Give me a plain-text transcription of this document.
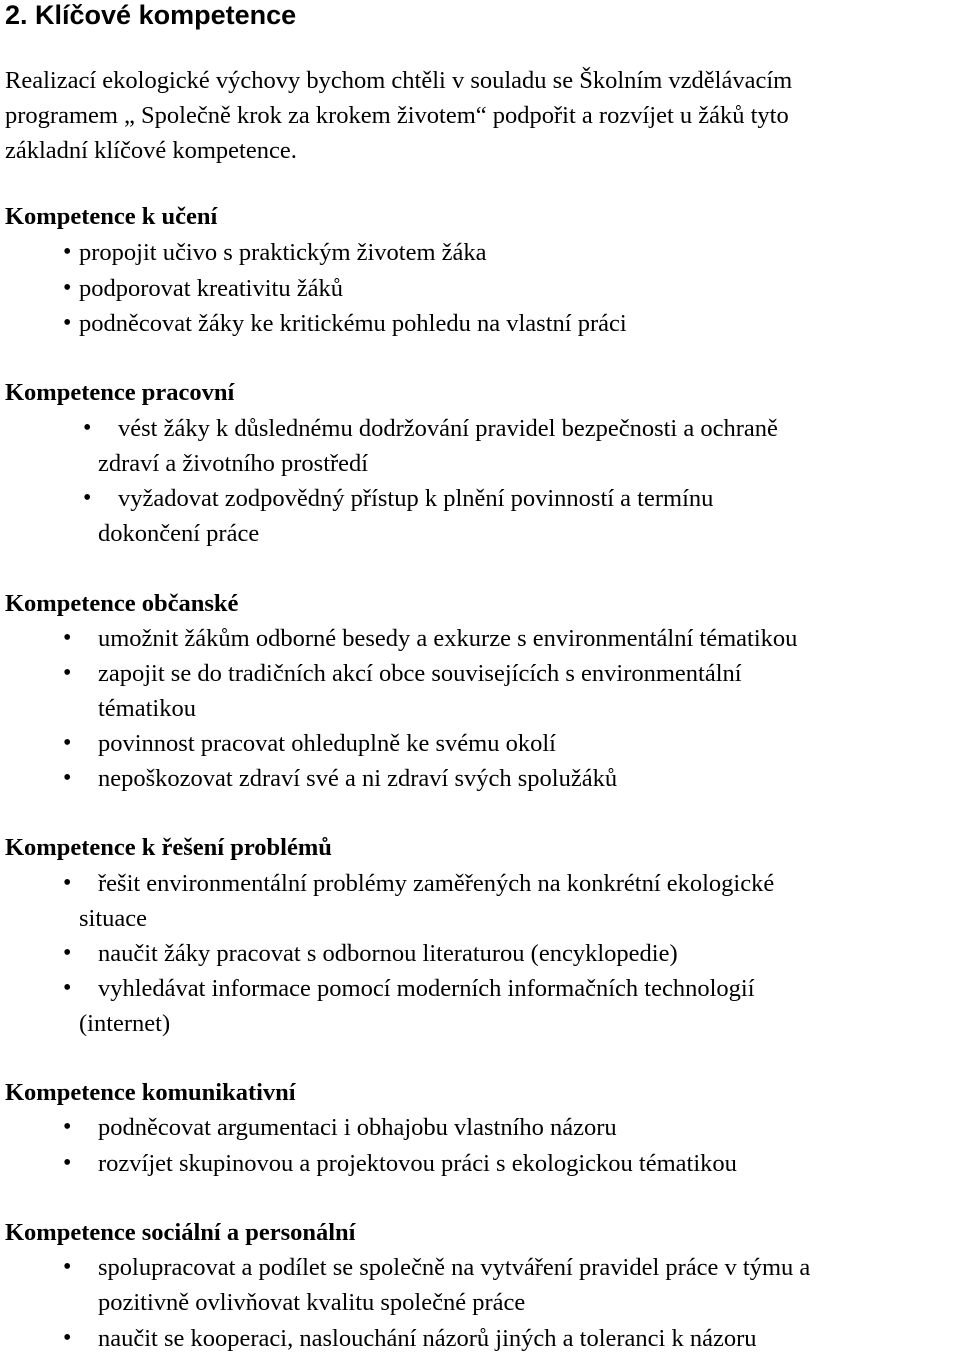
2. Klíčové kompetence

Realizací ekologické výchovy bychom chtěli v souladu se Školním vzdělávacím
programem „ Společně krok za krokem životem“ podpořit a rozvíjet u žáků tyto
základní klíčové kompetence.

Kompetence k učení
• propojit učivo s praktickým životem žáka
• podporovat kreativitu žáků
• podněcovat žáky ke kritickému pohledu na vlastní práci
Kompetence pracovní
• vést žáky k důslednému dodržování pravidel bezpečnosti a ochraně
zdraví a životního prostředí
• vyžadovat zodpovědný přístup k plnění povinností a termínu
dokončení práce
Kompetence občanské
• umožnit žákům odborné besedy a exkurze s environmentální tématikou
• zapojit se do tradičních akcí obce souvisejících s environmentální
tématikou
• povinnost pracovat ohleduplně ke svému okolí
• nepoškozovat zdraví své a ni zdraví svých spolužáků
Kompetence k řešení problémů
• řešit environmentální problémy zaměřených na konkrétní ekologické
situace
• naučit žáky pracovat s odbornou literaturou (encyklopedie)
• vyhledávat informace pomocí moderních informačních technologií
(internet)
Kompetence komunikativní
• podněcovat argumentaci i obhajobu vlastního názoru
• rozvíjet skupinovou a projektovou práci s ekologickou tématikou
Kompetence sociální a personální
• spolupracovat a podílet se společně na vytváření pravidel práce v týmu a
pozitivně ovlivňovat kvalitu společné práce
• naučit se kooperaci, naslouchání názorů jiných a toleranci k názoru
